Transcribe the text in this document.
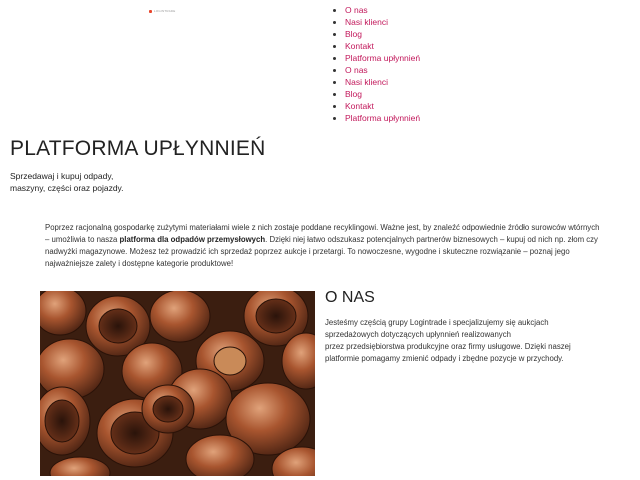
LOGINTRADE
•	O nas
• Nasi klienci
• Blog
• Kontakt
• Platforma upłynnień
• O nas
• Nasi klienci
• Blog
• Kontakt
• Platforma upłynnień
PLATFORMA UPŁYNNIEŃ
Sprzedawaj i kupuj odpady,
maszyny, części oraz pojazdy.

Poprzez racjonalną gospodarkę zużytymi materiałami wiele z nich zostaje poddane recyklingowi. Ważne jest, by znaleźć odpowiednie źródło surowców wtórnych – umożliwia to nasza platforma dla odpadów przemysłowych. Dzięki niej łatwo odszukasz potencjalnych partnerów biznesowych – kupuj od nich np. złom czy nadwyżki magazynowe. Możesz też prowadzić ich sprzedaż poprzez aukcje i przetargi. To nowoczesne, wygodne i skuteczne rozwiązanie – poznaj jego najważniejsze zalety i dostępne kategorie produktowe!

O NAS
Jesteśmy częścią grupy Logintrade i specjalizujemy się aukcjach
sprzedażowych dotyczących upłynnień realizowanych
przez przedsiębiorstwa produkcyjne oraz firmy usługowe. Dzięki naszej
platformie pomagamy zmienić odpady i zbędne pozycje w przychody.
